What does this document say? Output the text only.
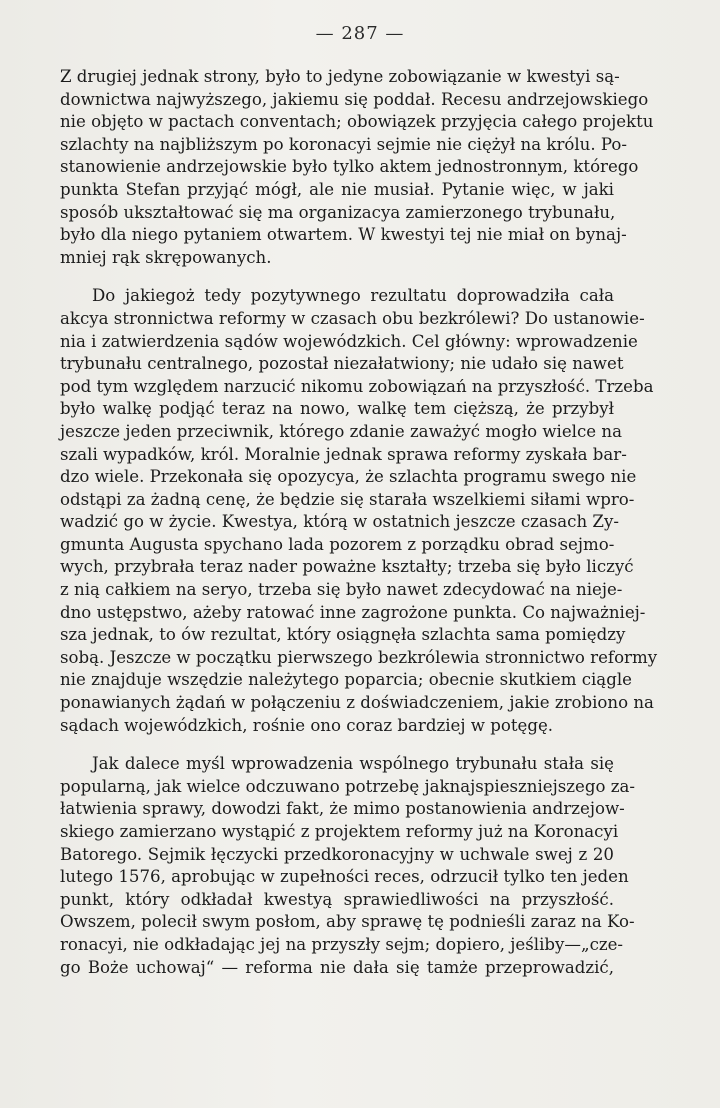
— 287 —

Z drugiej jednak strony, było to jedyne zobowiązanie w kwestyi są-
downictwa najwyższego, jakiemu się poddał. Recesu andrzejowskiego
nie objęto w pactach conventach; obowiązek przyjęcia całego projektu
szlachty na najbliższym po koronacyi sejmie nie ciężył na królu. Po-
stanowienie andrzejowskie było tylko aktem jednostronnym, którego
punkta Stefan przyjąć mógł, ale nie musiał. Pytanie więc, w jaki
sposób ukształtować się ma organizacya zamierzonego trybunału,
było dla niego pytaniem otwartem. W kwestyi tej nie miał on bynaj-
mniej rąk skrępowanych.

Do jakiegoż tedy pozytywnego rezultatu doprowadziła cała
akcya stronnictwa reformy w czasach obu bezkrólewi? Do ustanowie-
nia i zatwierdzenia sądów wojewódzkich. Cel główny: wprowadzenie
trybunału centralnego, pozostał niezałatwiony; nie udało się nawet
pod tym względem narzucić nikomu zobowiązań na przyszłość. Trzeba
było walkę podjąć teraz na nowo, walkę tem cięższą, że przybył
jeszcze jeden przeciwnik, którego zdanie zaważyć mogło wielce na
szali wypadków, król. Moralnie jednak sprawa reformy zyskała bar-
dzo wiele. Przekonała się opozycya, że szlachta programu swego nie
odstąpi za żadną cenę, że będzie się starała wszelkiemi siłami wpro-
wadzić go w życie. Kwestya, którą w ostatnich jeszcze czasach Zy-
gmunta Augusta spychano lada pozorem z porządku obrad sejmo-
wych, przybrała teraz nader poważne kształty; trzeba się było liczyć
z nią całkiem na seryo, trzeba się było nawet zdecydować na nieje-
dno ustępstwo, ażeby ratować inne zagrożone punkta. Co najważniej-
sza jednak, to ów rezultat, który osiągnęła szlachta sama pomiędzy
sobą. Jeszcze w początku pierwszego bezkrólewia stronnictwo reformy
nie znajduje wszędzie należytego poparcia; obecnie skutkiem ciągle
ponawianych żądań w połączeniu z doświadczeniem, jakie zrobiono na
sądach wojewódzkich, rośnie ono coraz bardziej w potęgę.

Jak dalece myśl wprowadzenia wspólnego trybunału stała się
popularną, jak wielce odczuwano potrzebę jaknajspieszniejszego za-
łatwienia sprawy, dowodzi fakt, że mimo postanowienia andrzejow-
skiego zamierzano wystąpić z projektem reformy już na Koronacyi
Batorego. Sejmik łęczycki przedkoronacyjny w uchwale swej z 20
lutego 1576, aprobując w zupełności reces, odrzucił tylko ten jeden
punkt, który odkładał kwestyą sprawiedliwości na przyszłość.
Owszem, polecił swym posłom, aby sprawę tę podnieśli zaraz na Ko-
ronacyi, nie odkładając jej na przyszły sejm; dopiero, jeśliby—„cze-
go Boże uchowaj“ — reforma nie dała się tamże przeprowadzić,
